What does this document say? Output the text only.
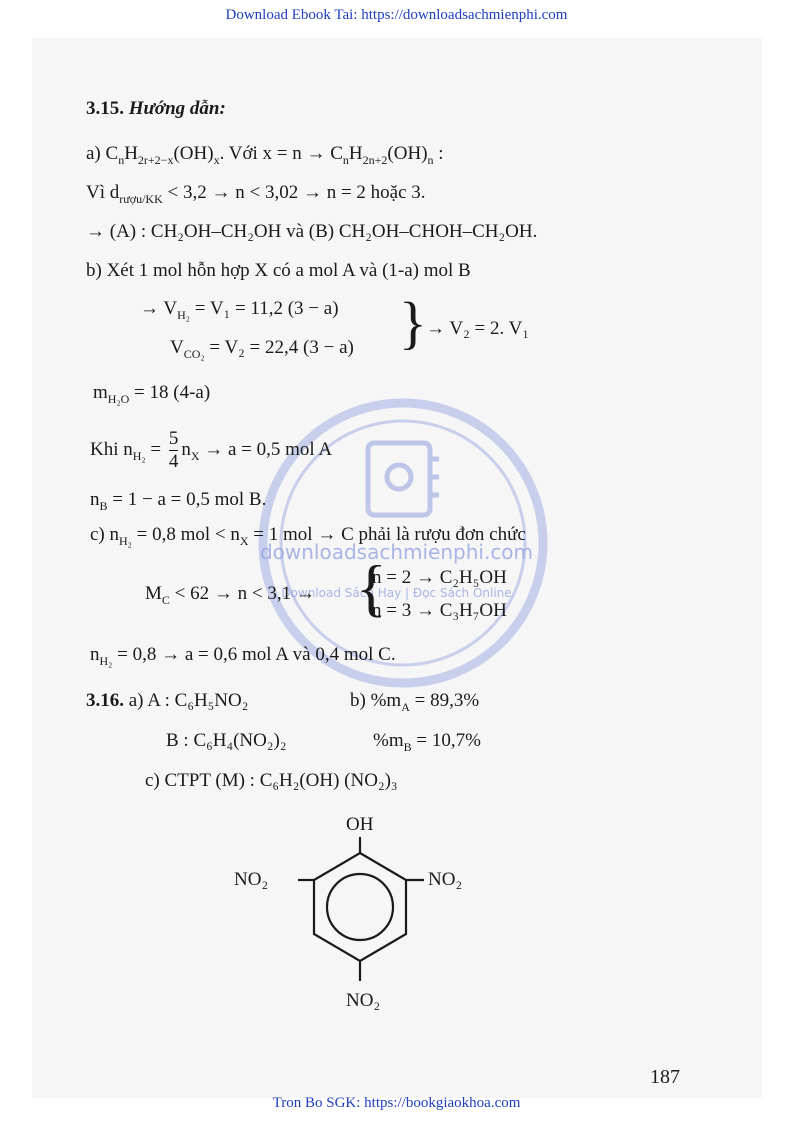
Download Ebook Tai: https://downloadsachmienphi.com
downloadsachmienphi.com
Download Sách Hay | Đọc Sách Online
3.15. Hướng dẫn:
a) $C_nH_{2r+2-x}(OH)_x$. Với $x = n \to C_nH_{2n+2}(OH)_n$ :
Vì $d_{rượu/KK} < 3,2 \to n < 3,02 \to n = 2$ hoặc 3.
→ (A) : CH₂OH–CH₂OH và (B) CH₂OH–CHOH–CH₂OH.
b) Xét 1 mol hỗn hợp X có a mol A và (1-a) mol B
→ $V_{H_2} = V_1 = 11,2$ (3 − a)
$V_{CO_2} = V_2 = 22,4$ (3 − a) } → V₂ = 2. V₁
$m_{H_2O} = 18$ (4-a)
Khi $n_{H_2} = \frac{5}{4} n_X \to a = 0,5$ mol A
$n_B = 1 - a = 0,5$ mol B.
c) $n_{H_2} = 0,8$ mol < $n_X = 1$ mol → C phải là rượu đơn chức
$M_C < 62 \to n < 3,1$ → {
n = 2 → C₂H₅OH
n = 3 → C₃H₇OH
$n_{H_2} = 0,8 \to a = 0,6$ mol A và 0,4 mol C.
3.16. a) A : C₆H₅NO₂	b) $\%m_A = 89,3\%$
B : C₆H₄(NO₂)₂	$\%m_B = 10,7\%$
c) CTPT (M) : C₆H₂(OH) (NO₂)₃
OH
NO₂	NO₂
NO₂
187
Tron Bo SGK: https://bookgiaokhoa.com
